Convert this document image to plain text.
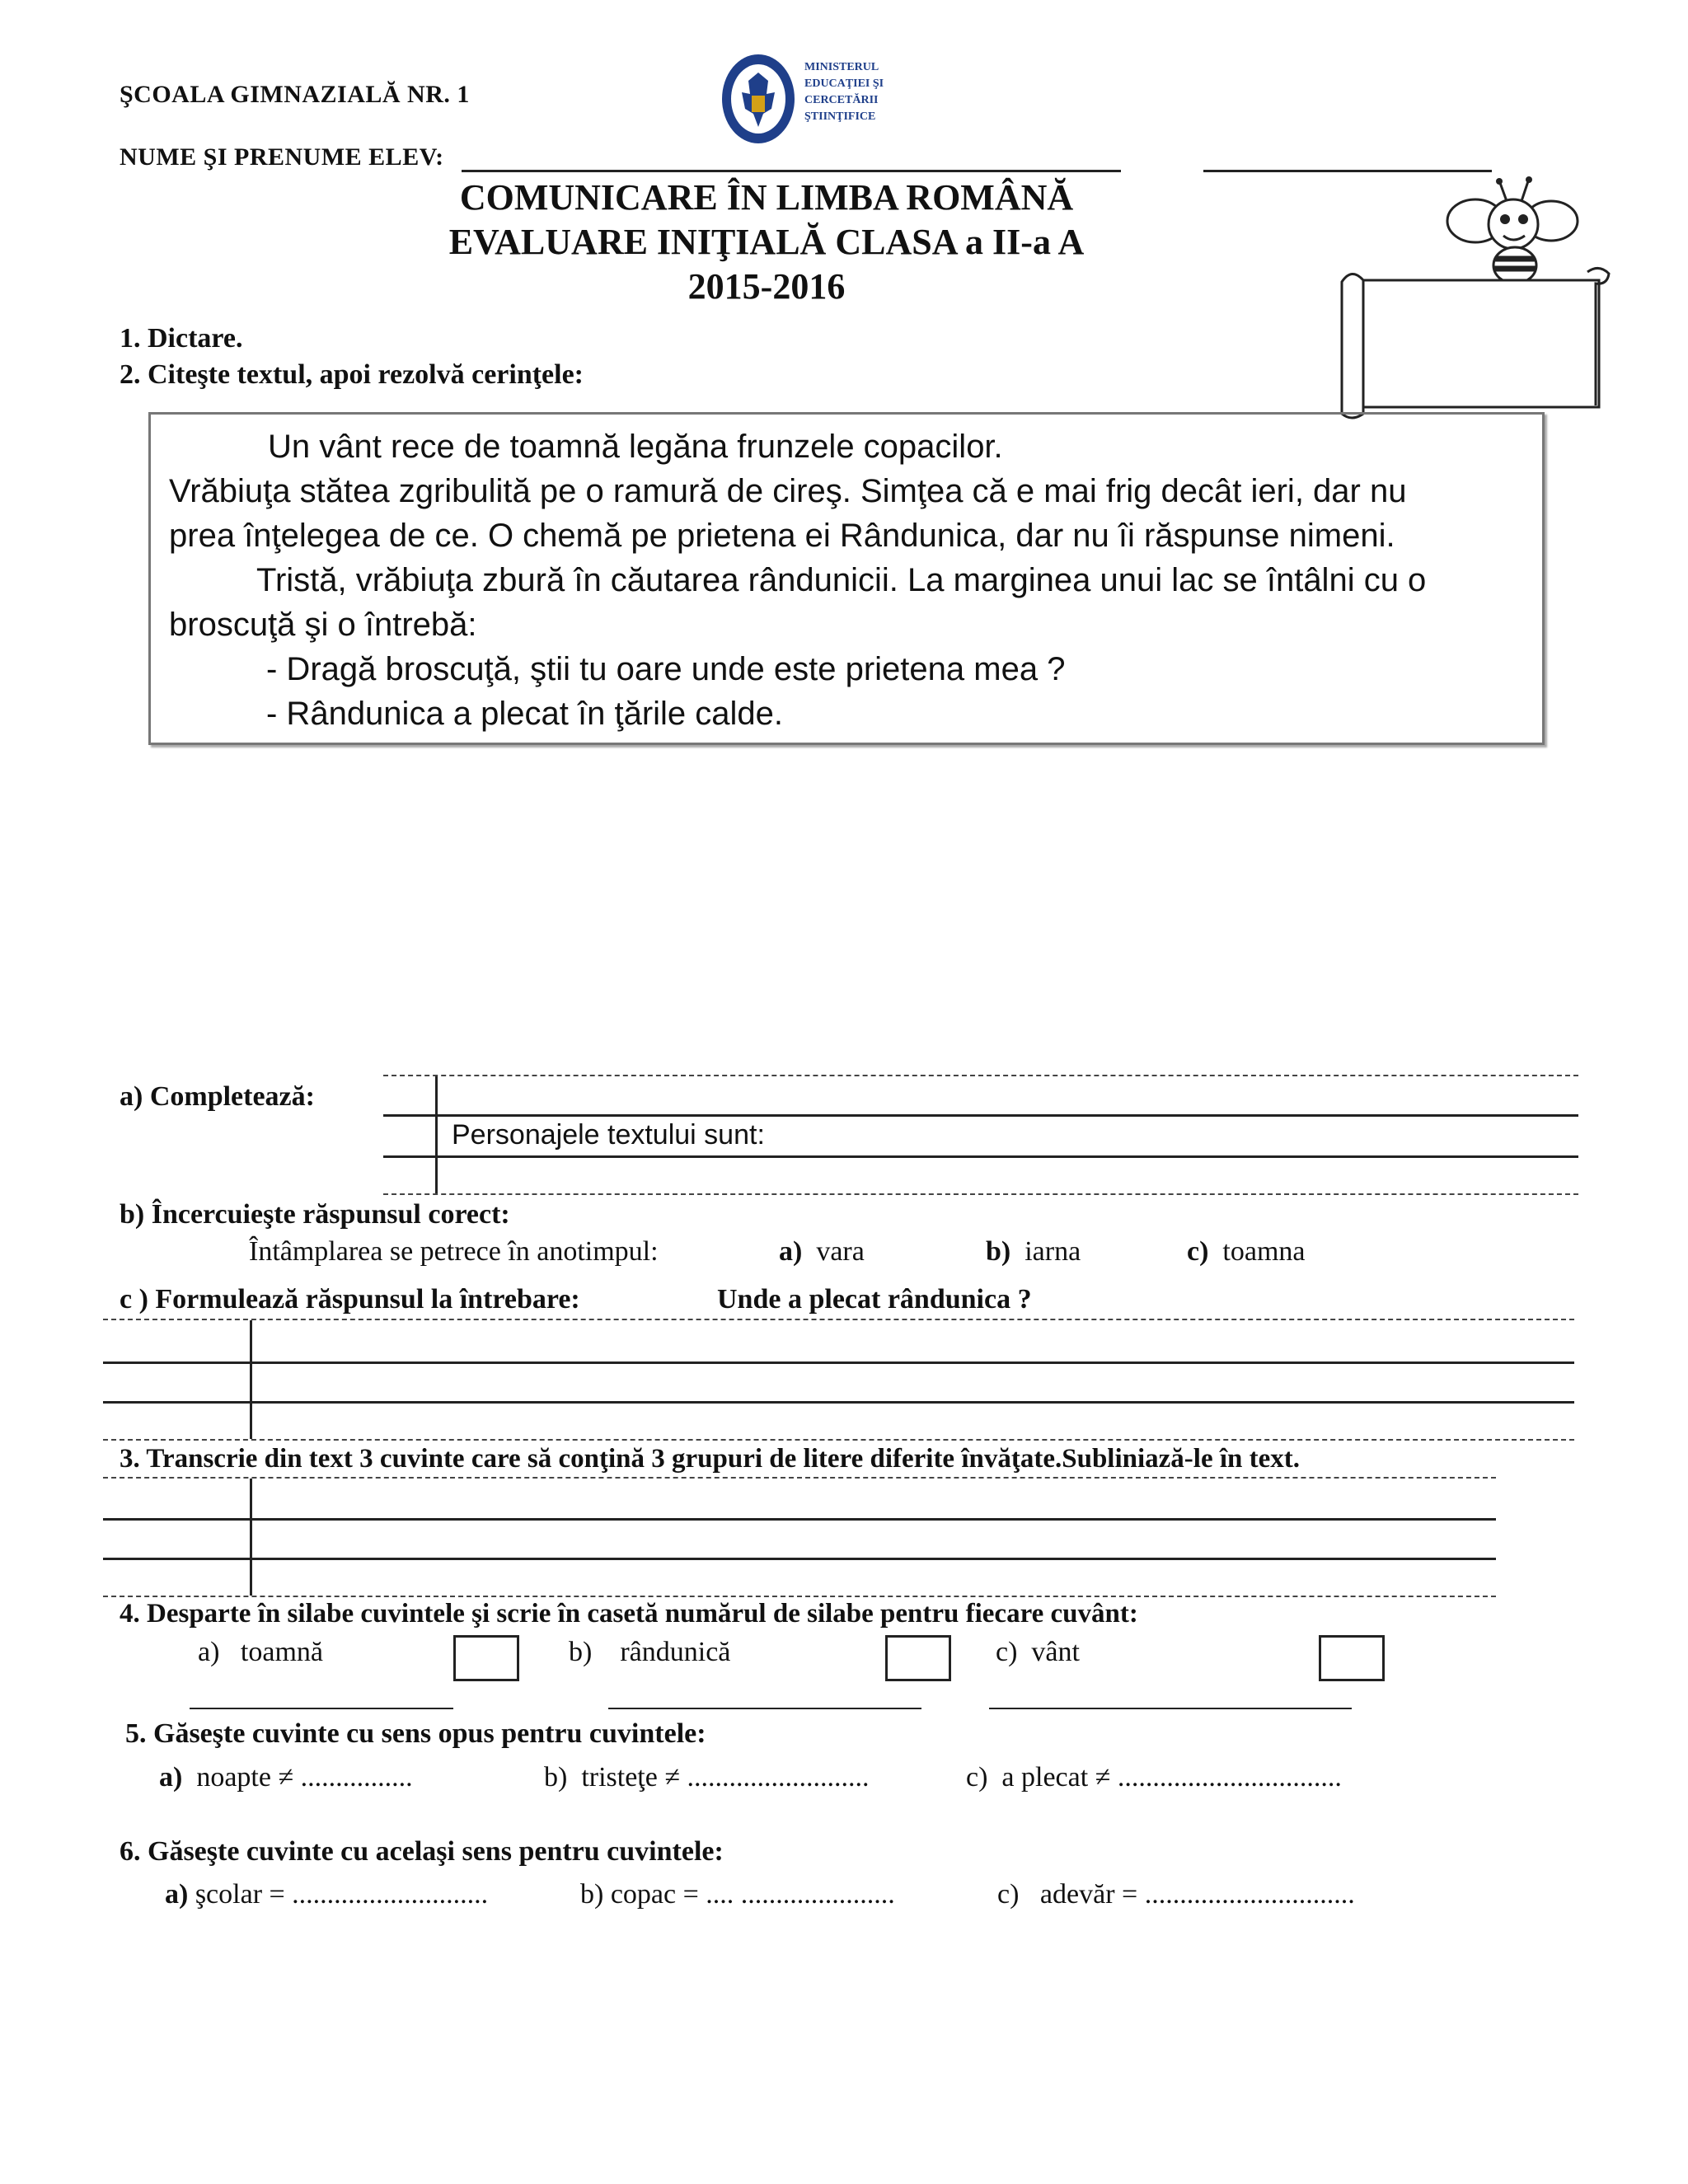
ŞCOALA GIMNAZIALĂ NR. 1
MINISTERUL
EDUCAŢIEI ŞI
CERCETĂRII
ŞTIINŢIFICE
NUME ŞI PRENUME ELEV:
COMUNICARE ÎN LIMBA ROMÂNĂ
EVALUARE INIŢIALĂ CLASA a II-a A
2015-2016
1. Dictare.
2. Citeşte textul, apoi rezolvă cerinţele:
Un vânt rece de toamnă legăna frunzele copacilor.
Vrăbiuţa stătea zgribulită pe o ramură de cireş. Simţea că e mai frig decât ieri, dar nu
prea înţelegea de ce. O chemă pe prietena ei Rândunica, dar nu îi răspunse nimeni.
Tristă, vrăbiuţa zbură în căutarea rândunicii. La marginea unui lac se întâlni cu o
broscuţă şi o întrebă:
- Dragă broscuţă, ştii tu oare unde este prietena mea ?
- Rândunica a plecat în ţările calde.
a) Completează:
Personajele textului sunt:
b) Încercuieşte răspunsul corect:
Întâmplarea se petrece în anotimpul:	a) vara	b) iarna	c) toamna
c ) Formulează răspunsul la întrebare:	Unde a plecat rândunica ?
3. Transcrie din text 3 cuvinte care să conţină 3 grupuri de litere diferite învăţate.Subliniază-le în text.
4. Desparte în silabe cuvintele şi scrie în casetă numărul de silabe pentru fiecare cuvânt:
a) toamnă	b) rândunică	c) vânt
5. Găseşte cuvinte cu sens opus pentru cuvintele:
a) noapte ≠ ................	b) tristeţe ≠ ..........................	c) a plecat ≠ ................................
6. Găseşte cuvinte cu acelaşi sens pentru cuvintele:
a) şcolar = ............................	b) copac = .... ......................	c) adevăr = ..............................
